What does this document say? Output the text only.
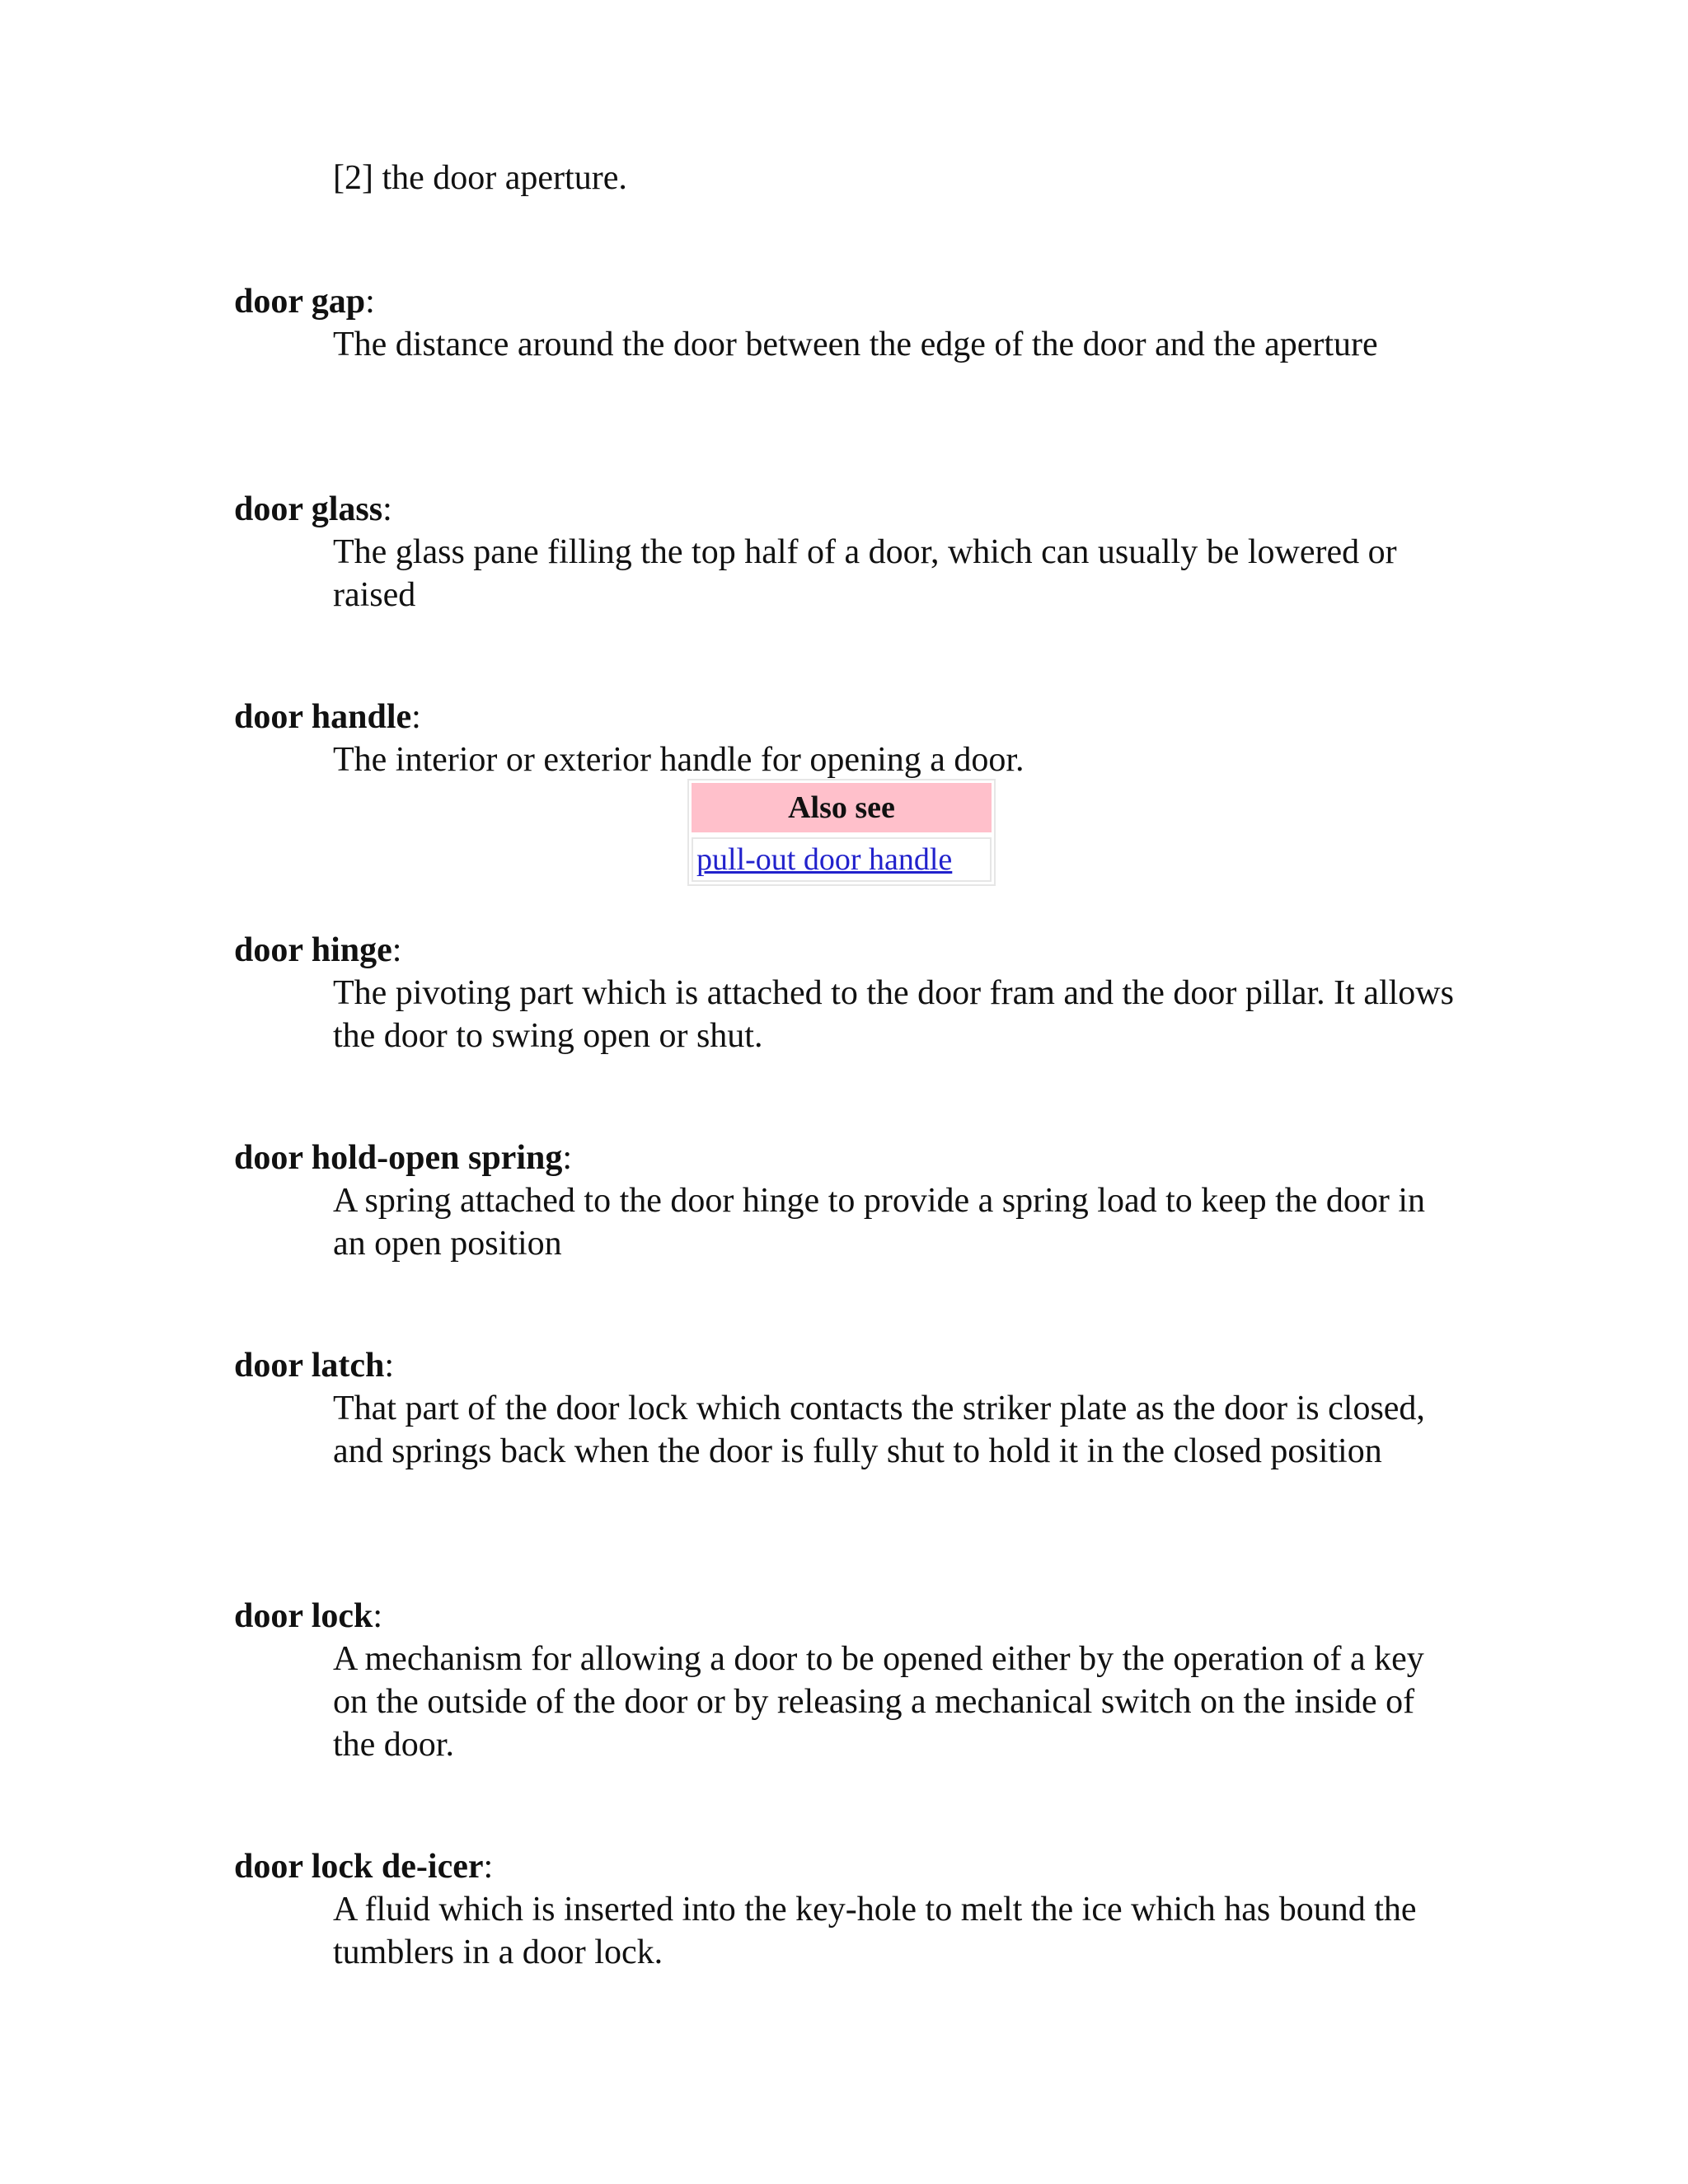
[2] the door aperture.

door gap:

The distance around the door between the edge of the door and the aperture

door glass:

The glass pane filling the top half of a door, which can usually be lowered or raised

door handle:

The interior or exterior handle for opening a door.

Also see
pull-out door handle

door hinge:

The pivoting part which is attached to the door fram and the door pillar. It allows the door to swing open or shut.

door hold-open spring:

A spring attached to the door hinge to provide a spring load to keep the door in an open position

door latch:

That part of the door lock which contacts the striker plate as the door is closed, and springs back when the door is fully shut to hold it in the closed position

door lock:

A mechanism for allowing a door to be opened either by the operation of a key on the outside of the door or by releasing a mechanical switch on the inside of the door.

door lock de-icer:

A fluid which is inserted into the key-hole to melt the ice which has bound the tumblers in a door lock.
